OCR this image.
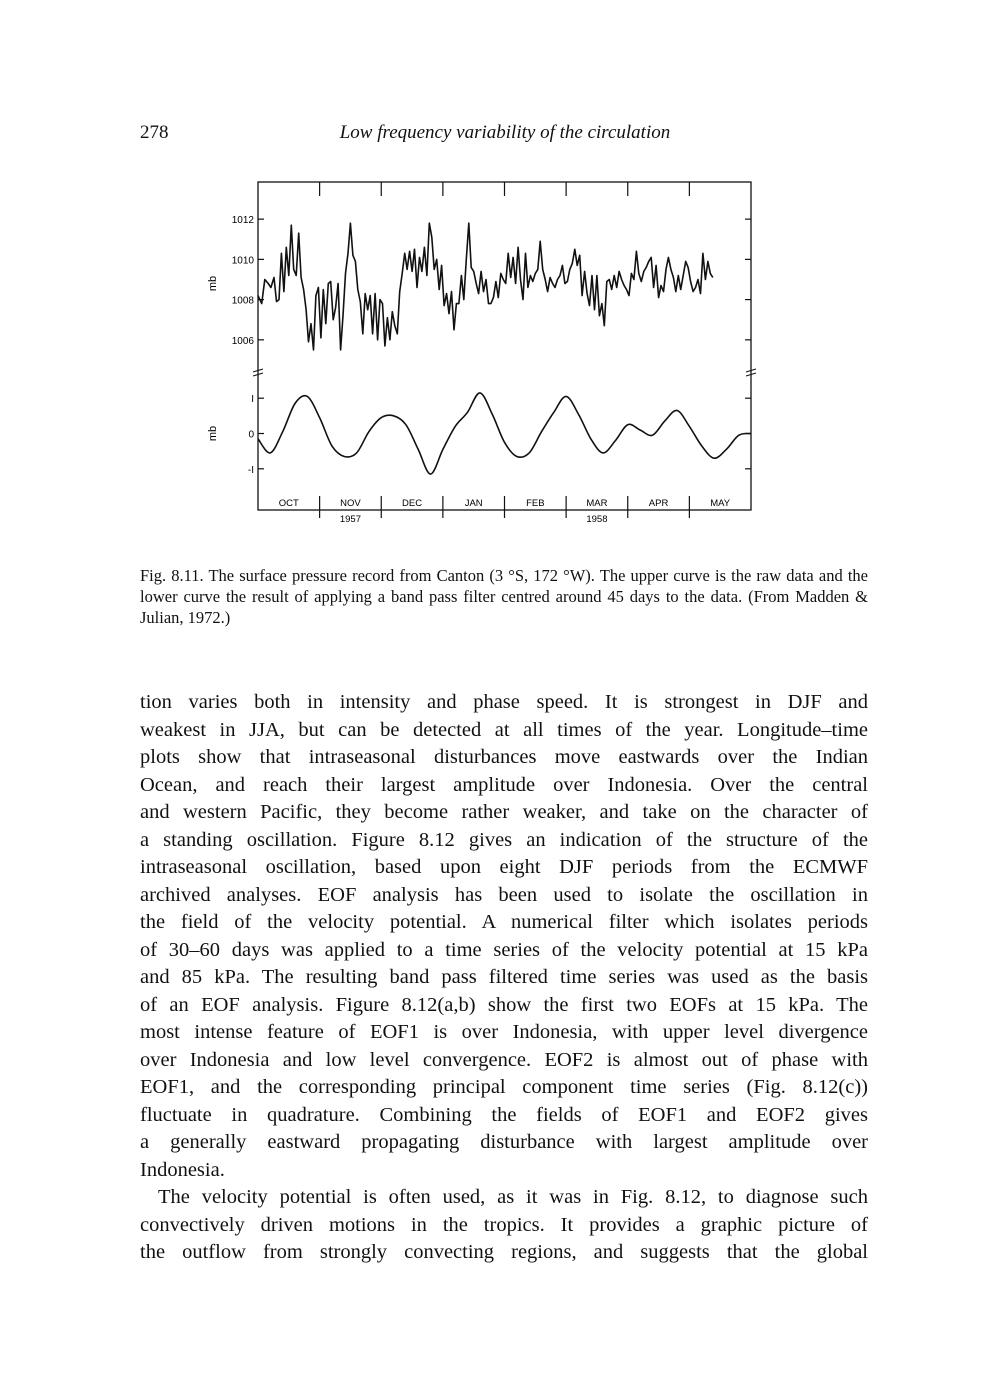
278	Low frequency variability of the circulation
1012
1010
1008
1006
I
0
-I
mb
mb
OCT	NOV	DEC	JAN	FEB	MAR	APR	MAY
1957	1958
Fig. 8.11. The surface pressure record from Canton (3 °S, 172 °W). The upper curve is the raw data and the lower curve the result of applying a band pass filter centred around 45 days to the data. (From Madden & Julian, 1972.)

tion varies both in intensity and phase speed. It is strongest in DJF and

weakest in JJA, but can be detected at all times of the year. Longitude–time

plots show that intraseasonal disturbances move eastwards over the Indian

Ocean, and reach their largest amplitude over Indonesia. Over the central

and western Pacific, they become rather weaker, and take on the character of

a standing oscillation. Figure 8.12 gives an indication of the structure of the

intraseasonal oscillation, based upon eight DJF periods from the ECMWF

archived analyses. EOF analysis has been used to isolate the oscillation in

the field of the velocity potential. A numerical filter which isolates periods

of 30–60 days was applied to a time series of the velocity potential at 15 kPa

and 85 kPa. The resulting band pass filtered time series was used as the basis

of an EOF analysis. Figure 8.12(a,b) show the first two EOFs at 15 kPa. The

most intense feature of EOF1 is over Indonesia, with upper level divergence

over Indonesia and low level convergence. EOF2 is almost out of phase with

EOF1, and the corresponding principal component time series (Fig. 8.12(c))

fluctuate in quadrature. Combining the fields of EOF1 and EOF2 gives

a generally eastward propagating disturbance with largest amplitude over

Indonesia.

The velocity potential is often used, as it was in Fig. 8.12, to diagnose such

convectively driven motions in the tropics. It provides a graphic picture of

the outflow from strongly convecting regions, and suggests that the global
